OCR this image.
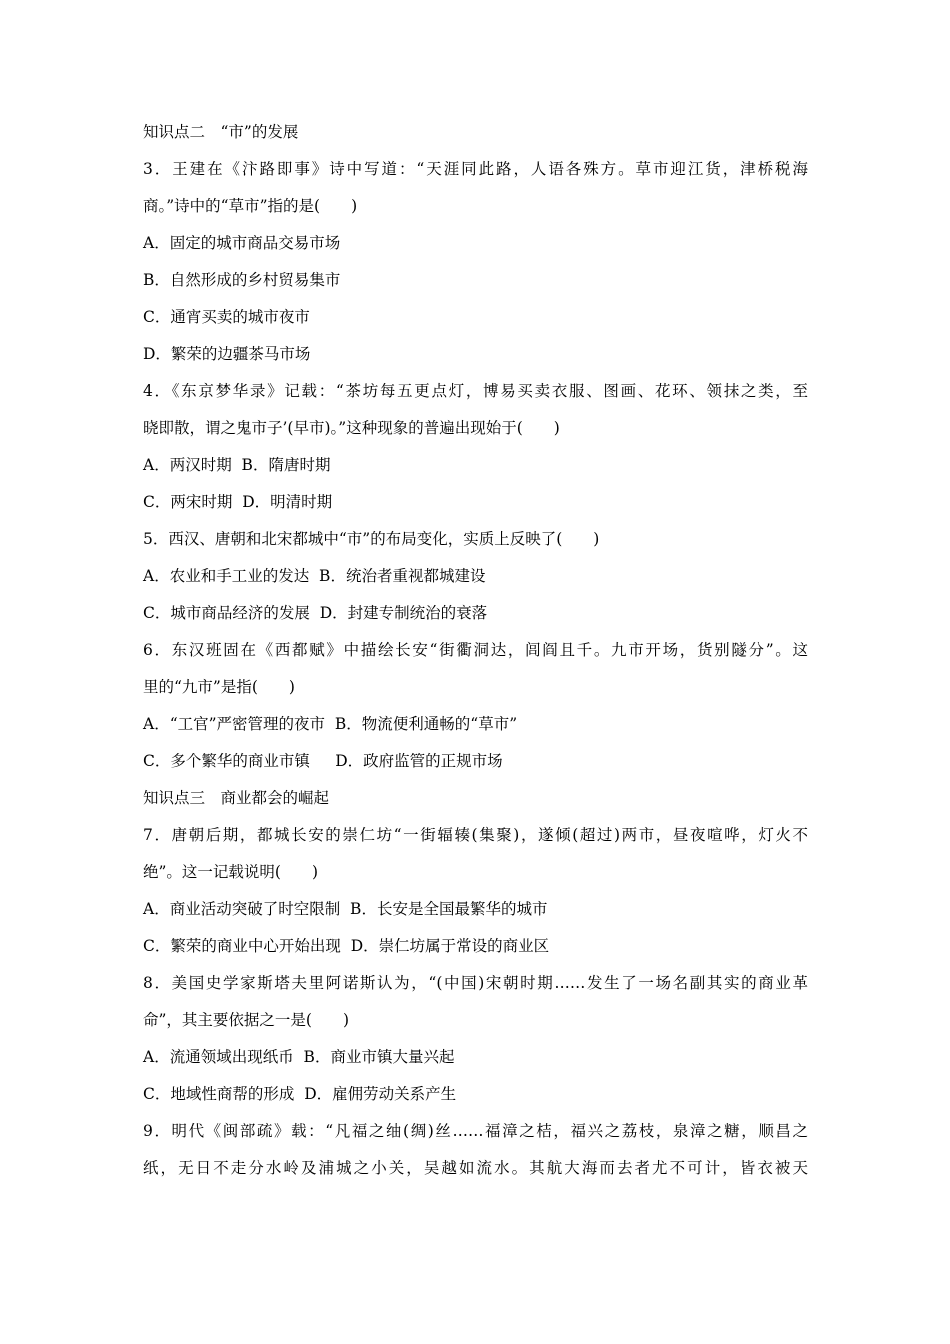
知识点二　“市”的发展
3．王建在《汴路即事》诗中写道：“天涯同此路，人语各殊方。草市迎江货，津桥税海
商。”诗中的“草市”指的是(　　)
A．固定的城市商品交易市场
B．自然形成的乡村贸易集市
C．通宵买卖的城市夜市
D．繁荣的边疆茶马市场
4．《东京梦华录》记载：“茶坊每五更点灯，博易买卖衣服、图画、花环、领抹之类，至
晓即散，谓之鬼市子’(早市)。”这种现象的普遍出现始于(　　)
A．两汉时期  B．隋唐时期
C．两宋时期  D．明清时期
5．西汉、唐朝和北宋都城中“市”的布局变化，实质上反映了(　　)
A．农业和手工业的发达  B．统治者重视都城建设
C．城市商品经济的发展  D．封建专制统治的衰落
6．东汉班固在《西都赋》中描绘长安“街衢洞达，闾阎且千。九市开场，货别隧分”。这
里的“九市”是指(　　)
A．“工官”严密管理的夜市  B．物流便利通畅的“草市”
C．多个繁华的商业市镇　  D．政府监管的正规市场
知识点三　商业都会的崛起
7．唐朝后期，都城长安的崇仁坊“一街辐辏(集聚)，遂倾(超过)两市，昼夜喧哗，灯火不
绝”。这一记载说明(　　)
A．商业活动突破了时空限制  B．长安是全国最繁华的城市
C．繁荣的商业中心开始出现  D．崇仁坊属于常设的商业区
8．美国史学家斯塔夫里阿诺斯认为，“(中国)宋朝时期……发生了一场名副其实的商业革
命”，其主要依据之一是(　　)
A．流通领域出现纸币  B．商业市镇大量兴起
C．地域性商帮的形成  D．雇佣劳动关系产生
9．明代《闽部疏》载：“凡福之䌷(绸)丝……福漳之桔，福兴之荔枝，泉漳之糖，顺昌之
纸，无日不走分水岭及浦城之小关，吴越如流水。其航大海而去者尤不可计，皆衣被天
